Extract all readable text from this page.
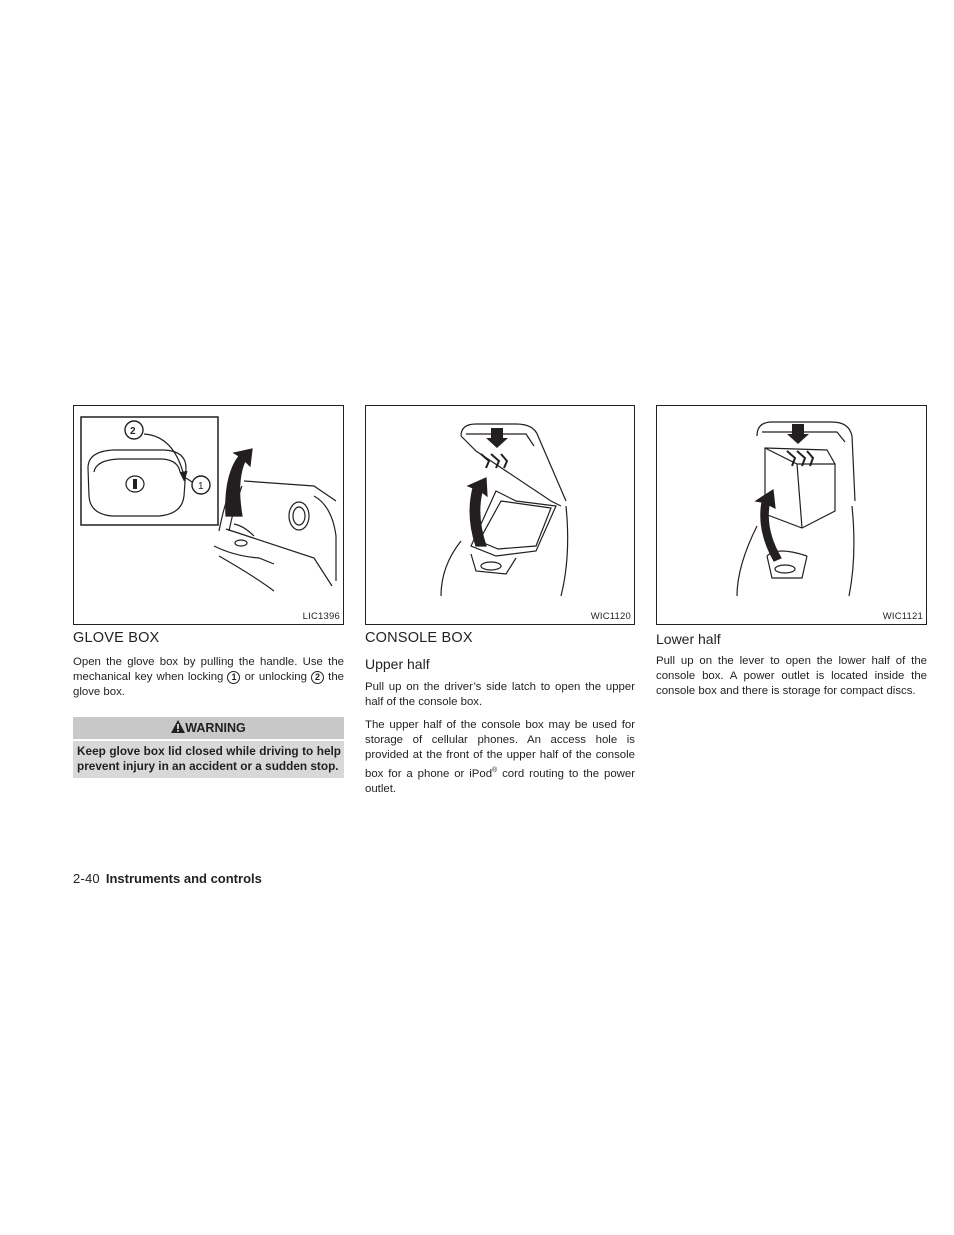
2
1
LIC1396	WIC1120	WIC1121
GLOVE BOX

Open the glove box by pulling the handle. Use the mechanical key when locking 1 or unlocking 2 the glove box.

WARNING
Keep glove box lid closed while driving to help prevent injury in an accident or a sudden stop.
CONSOLE BOX
Upper half

Pull up on the driver’s side latch to open the upper half of the console box.

The upper half of the console box may be used for storage of cellular phones. An access hole is provided at the front of the upper half of the console box for a phone or iPod® cord routing to the power outlet.

Lower half

Pull up on the lever to open the lower half of the console box. A power outlet is located inside the console box and there is storage for compact discs.

2-40 Instruments and controls
